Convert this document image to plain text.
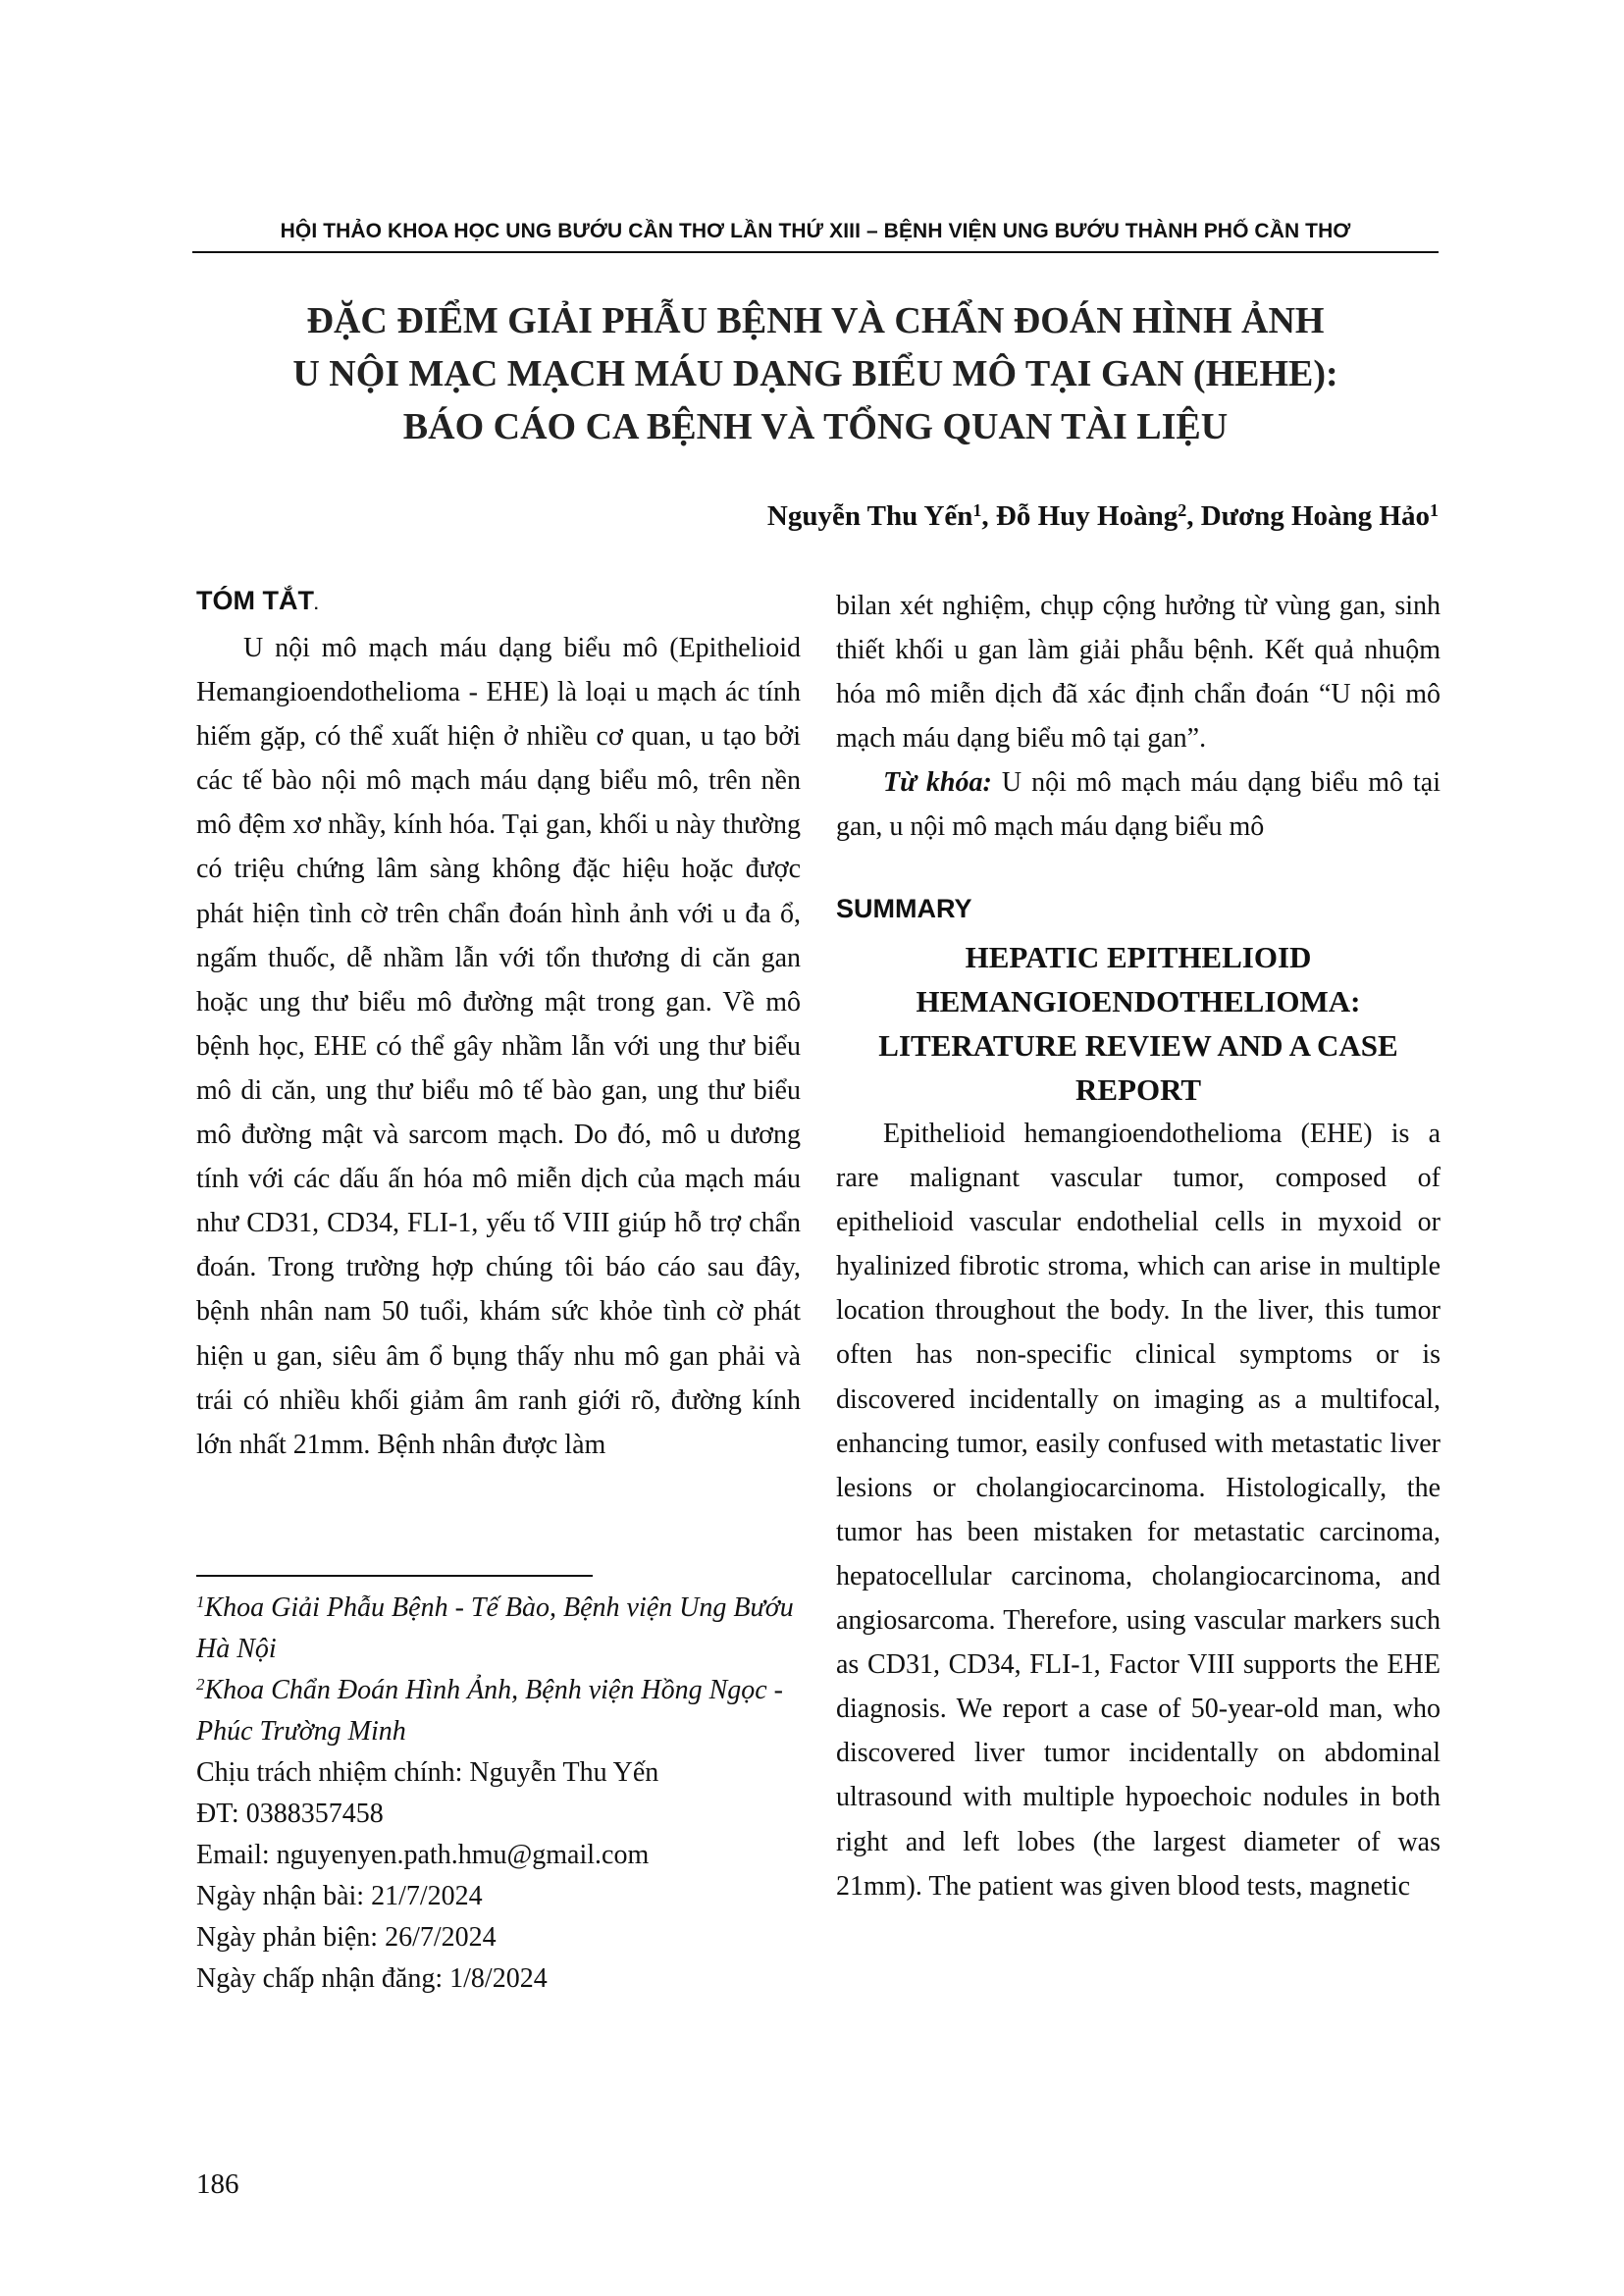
HỘI THẢO KHOA HỌC UNG BƯỚU CẦN THƠ LẦN THỨ XIII – BỆNH VIỆN UNG BƯỚU THÀNH PHỐ CẦN THƠ
ĐẶC ĐIỂM GIẢI PHẪU BỆNH VÀ CHẨN ĐOÁN HÌNH ẢNH
U NỘI MẠC MẠCH MÁU DẠNG BIỂU MÔ TẠI GAN (HEHE):
BÁO CÁO CA BỆNH VÀ TỔNG QUAN TÀI LIỆU
Nguyễn Thu Yến$^1$, Đỗ Huy Hoàng$^2$, Dương Hoàng Hảo$^1$
TÓM TẮT.
U nội mô mạch máu dạng biểu mô (Epithelioid Hemangioendothelioma - EHE) là loại u mạch ác tính hiếm gặp, có thể xuất hiện ở nhiều cơ quan, u tạo bởi các tế bào nội mô mạch máu dạng biểu mô, trên nền mô đệm xơ nhầy, kính hóa. Tại gan, khối u này thường có triệu chứng lâm sàng không đặc hiệu hoặc được phát hiện tình cờ trên chẩn đoán hình ảnh với u đa ổ, ngấm thuốc, dễ nhầm lẫn với tổn thương di căn gan hoặc ung thư biểu mô đường mật trong gan. Về mô bệnh học, EHE có thể gây nhầm lẫn với ung thư biểu mô di căn, ung thư biểu mô tế bào gan, ung thư biểu mô đường mật và sarcom mạch. Do đó, mô u dương tính với các dấu ấn hóa mô miễn dịch của mạch máu như CD31, CD34, FLI-1, yếu tố VIII giúp hỗ trợ chẩn đoán. Trong trường hợp chúng tôi báo cáo sau đây, bệnh nhân nam 50 tuổi, khám sức khỏe tình cờ phát hiện u gan, siêu âm ổ bụng thấy nhu mô gan phải và trái có nhiều khối giảm âm ranh giới rõ, đường kính lớn nhất 21mm. Bệnh nhân được làm
$^1$Khoa Giải Phẫu Bệnh - Tế Bào, Bệnh viện Ung Bướu Hà Nội
$^2$Khoa Chẩn Đoán Hình Ảnh, Bệnh viện Hồng Ngọc - Phúc Trường Minh
Chịu trách nhiệm chính: Nguyễn Thu Yến
ĐT: 0388357458
Email: nguyenyen.path.hmu@gmail.com
Ngày nhận bài: 21/7/2024
Ngày phản biện: 26/7/2024
Ngày chấp nhận đăng: 1/8/2024
bilan xét nghiệm, chụp cộng hưởng từ vùng gan, sinh thiết khối u gan làm giải phẫu bệnh. Kết quả nhuộm hóa mô miễn dịch đã xác định chẩn đoán “U nội mô mạch máu dạng biểu mô tại gan”.
Từ khóa: U nội mô mạch máu dạng biểu mô tại gan, u nội mô mạch máu dạng biểu mô
SUMMARY
HEPATIC EPITHELIOID
HEMANGIOENDOTHELIOMA:
LITERATURE REVIEW AND A CASE
REPORT
Epithelioid hemangioendothelioma (EHE) is a rare malignant vascular tumor, composed of epithelioid vascular endothelial cells in myxoid or hyalinized fibrotic stroma, which can arise in multiple location throughout the body. In the liver, this tumor often has non-specific clinical symptoms or is discovered incidentally on imaging as a multifocal, enhancing tumor, easily confused with metastatic liver lesions or cholangiocarcinoma. Histologically, the tumor has been mistaken for metastatic carcinoma, hepatocellular carcinoma, cholangiocarcinoma, and angiosarcoma. Therefore, using vascular markers such as CD31, CD34, FLI-1, Factor VIII supports the EHE diagnosis. We report a case of 50-year-old man, who discovered liver tumor incidentally on abdominal ultrasound with multiple hypoechoic nodules in both right and left lobes (the largest diameter of was 21mm). The patient was given blood tests, magnetic
186
